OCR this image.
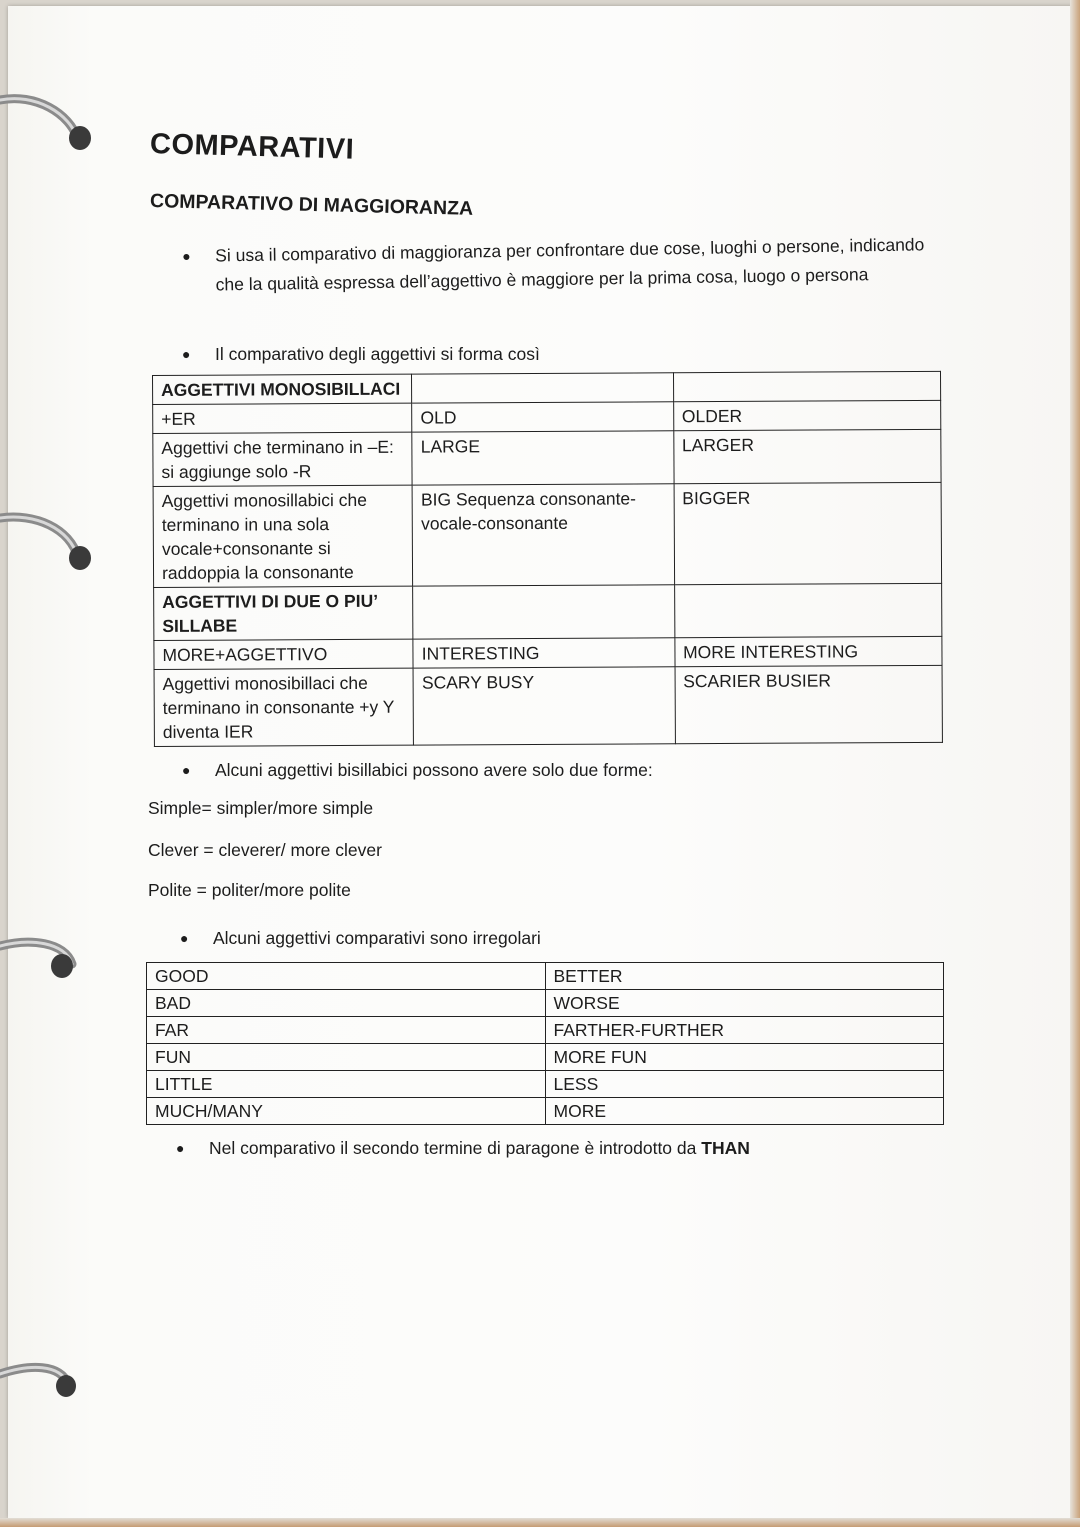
COMPARATIVI
COMPARATIVO DI MAGGIORANZA
●	Si usa il comparativo di maggioranza per confrontare due cose, luoghi o persone, indicando che la qualità espressa dell’aggettivo è maggiore per la prima cosa, luogo o persona
●	Il comparativo degli aggettivi si forma così
AGGETTIVI MONOSIBILLACI		
+ER	OLD	OLDER
Aggettivi che terminano in –E: si aggiunge solo -R	LARGE	LARGER
Aggettivi monosillabici che terminano in una sola vocale+consonante si raddoppia la consonante	BIG Sequenza consonante-vocale-consonante	BIGGER
AGGETTIVI DI DUE O PIU’ SILLABE		
MORE+AGGETTIVO	INTERESTING	MORE INTERESTING
Aggettivi monosibillaci che terminano in consonante +y Y diventa IER	SCARY BUSY	SCARIER BUSIER
●	Alcuni aggettivi bisillabici possono avere solo due forme:
Simple= simpler/more simple
Clever = cleverer/ more clever
Polite = politer/more polite
●	Alcuni aggettivi comparativi sono irregolari
GOOD	BETTER
BAD	WORSE
FAR	FARTHER-FURTHER
FUN	MORE FUN
LITTLE	LESS
MUCH/MANY	MORE
●	Nel comparativo il secondo termine di paragone è introdotto da THAN
